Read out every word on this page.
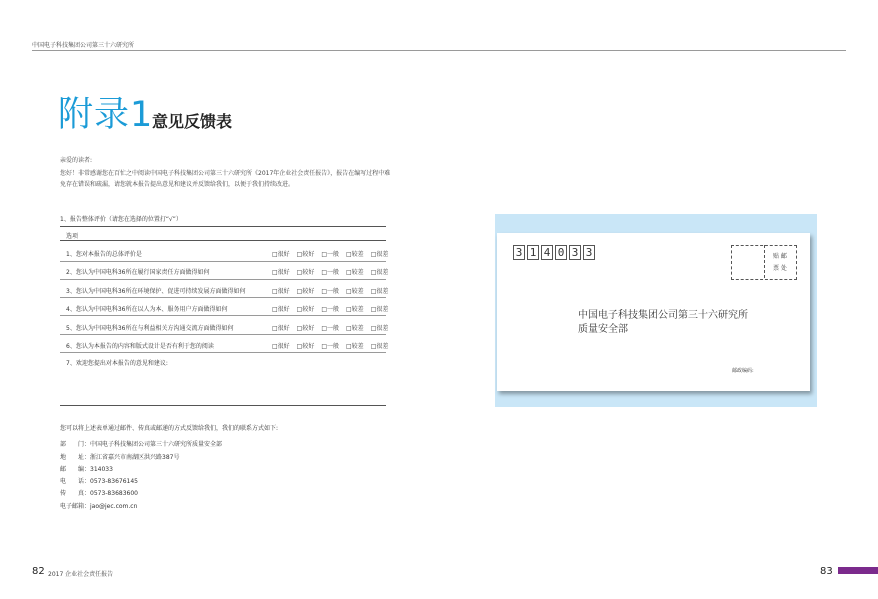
中国电子科技集团公司第三十六研究所
附录1
意见反馈表
亲爱的读者:
您好！非常感谢您在百忙之中阅读中国电子科技集团公司第三十六研究所《2017年企业社会责任报告》，报告在编写过程中难
免存在错误和疏漏，请您就本报告提出意见和建议并反馈给我们，以便于我们持续改进。
1、报告整体评价（请您在选择的位置打“√”）
选项
1、您对本报告的总体评价是	□很好 □较好 □一般 □较差 □很差
2、您认为中国电科36所在履行国家责任方面做得如何	□很好 □较好 □一般 □较差 □很差
3、您认为中国电科36所在环境保护、促进可持续发展方面做得如何	□很好 □较好 □一般 □较差 □很差
4、您认为中国电科36所在以人为本、服务用户方面做得如何	□很好 □较好 □一般 □较差 □很差
5、您认为中国电科36所在与利益相关方沟通交流方面做得如何	□很好 □较好 □一般 □较差 □很差
6、您认为本报告的内容和版式设计是否有利于您的阅读	□很好 □较好 □一般 □较差 □很差
7、欢迎您提出对本报告的意见和建议:
您可以将上述表单通过邮件、传真或邮递的方式反馈给我们，我们的联系方式如下:
部　　门：中国电子科技集团公司第三十六研究所质量安全部
地　　址：浙江省嘉兴市南湖区洪兴路387号
邮　　编：314033
电　　话：0573-83676145
传　　真：0573-83683600
电子邮箱：jao@jec.com.cn
3 1 4 0 3 3	贴 邮
票 处
中国电子科技集团公司第三十六研究所
质量安全部
邮政编码:
82 2017 企业社会责任报告	83
